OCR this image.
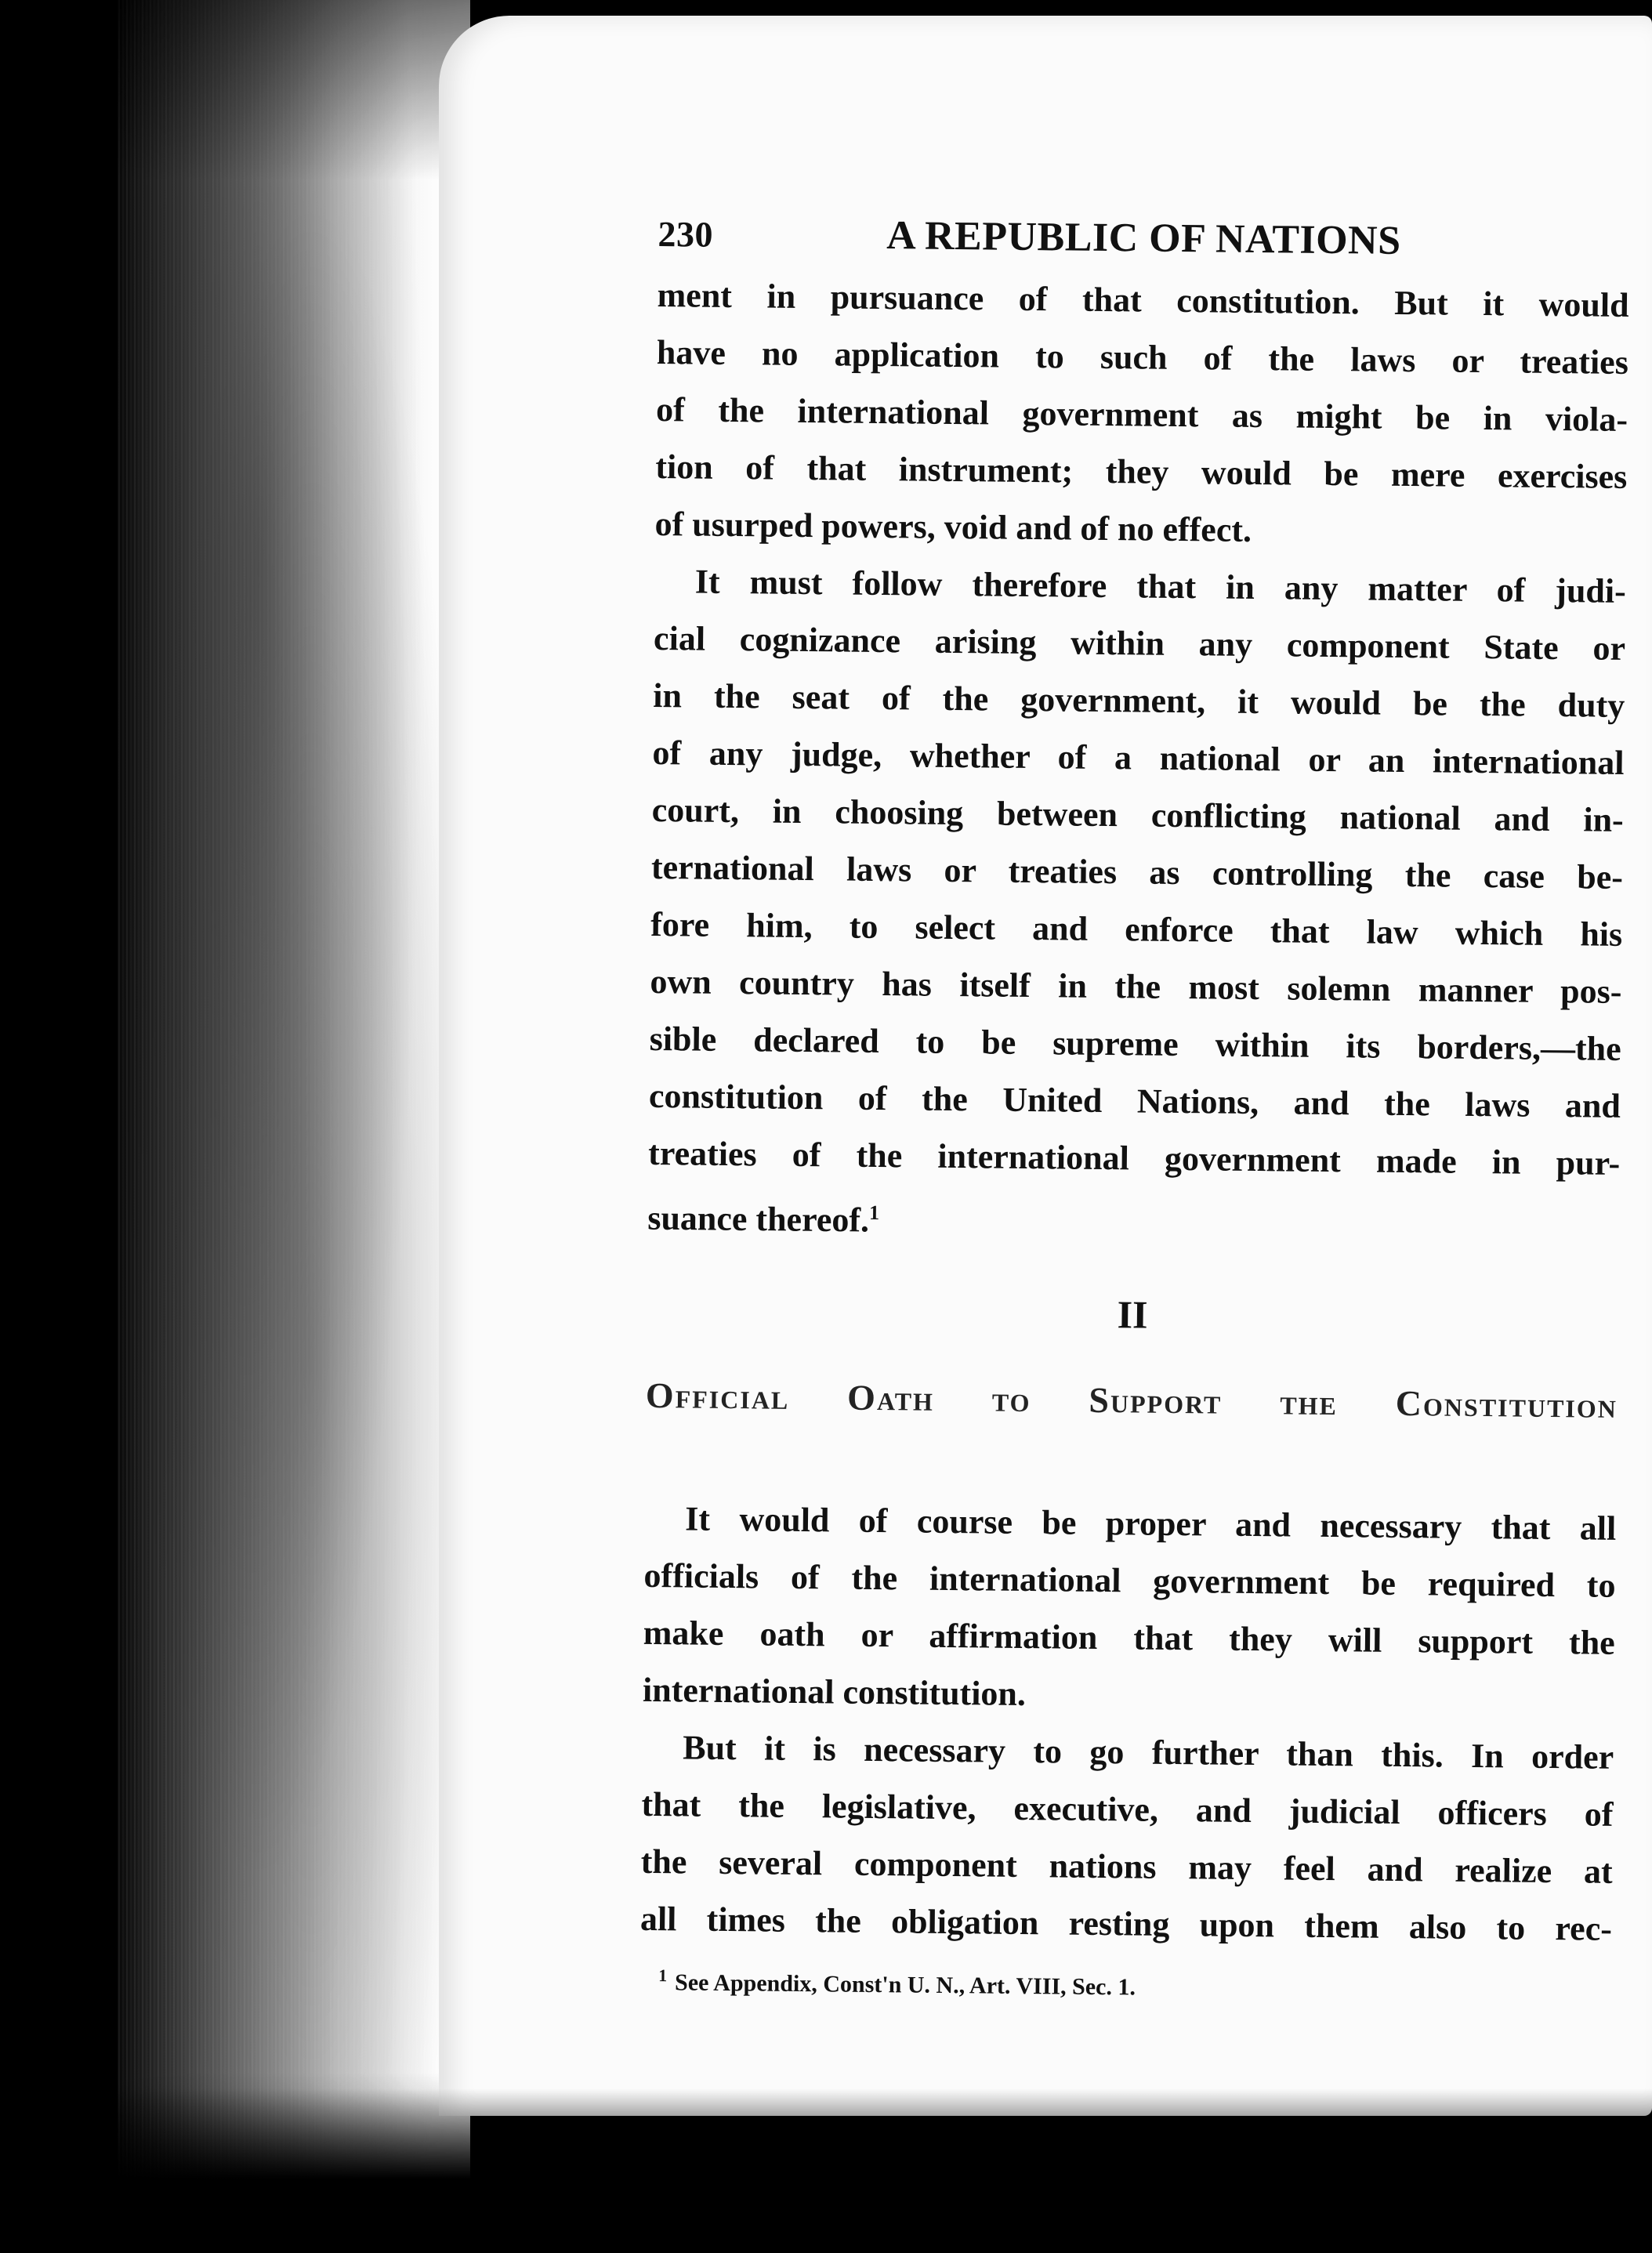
230	A REPUBLIC OF NATIONS
ment in pursuance of that constitution. But it would
have no application to such of the laws or treaties
of the international government as might be in viola-
tion of that instrument; they would be mere exercises
of usurped powers, void and of no effect.
It must follow therefore that in any matter of judi-
cial cognizance arising within any component State or
in the seat of the government, it would be the duty
of any judge, whether of a national or an international
court, in choosing between conflicting national and in-
ternational laws or treaties as controlling the case be-
fore him, to select and enforce that law which his
own country has itself in the most solemn manner pos-
sible declared to be supreme within its borders,—the
constitution of the United Nations, and the laws and
treaties of the international government made in pur-
suance thereof.$^1$
II
Official Oath to Support the Constitution
It would of course be proper and necessary that all
officials of the international government be required to
make oath or affirmation that they will support the
international constitution.
But it is necessary to go further than this. In order
that the legislative, executive, and judicial officers of
the several component nations may feel and realize at
all times the obligation resting upon them also to rec-
$^1$ See Appendix, Const'n U. N., Art. VIII, Sec. 1.
